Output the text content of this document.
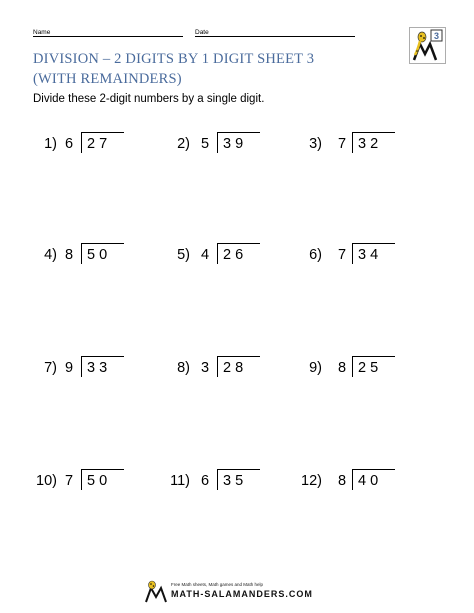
Name	Date	3
DIVISION – 2 DIGITS BY 1 DIGIT SHEET 3
(WITH REMAINDERS)
Divide these 2-digit numbers by a single digit.
1) 6 2 7	2) 5 3 9	3) 7 3 2
4) 8 5 0	5) 4 2 6	6) 7 3 4
7) 9 3 3	8) 3 2 8	9) 8 2 5
10) 7 5 0	11) 6 3 5	12) 8 4 0
Free Math sheets, Math games and Math help
MATH-SALAMANDERS.COM
